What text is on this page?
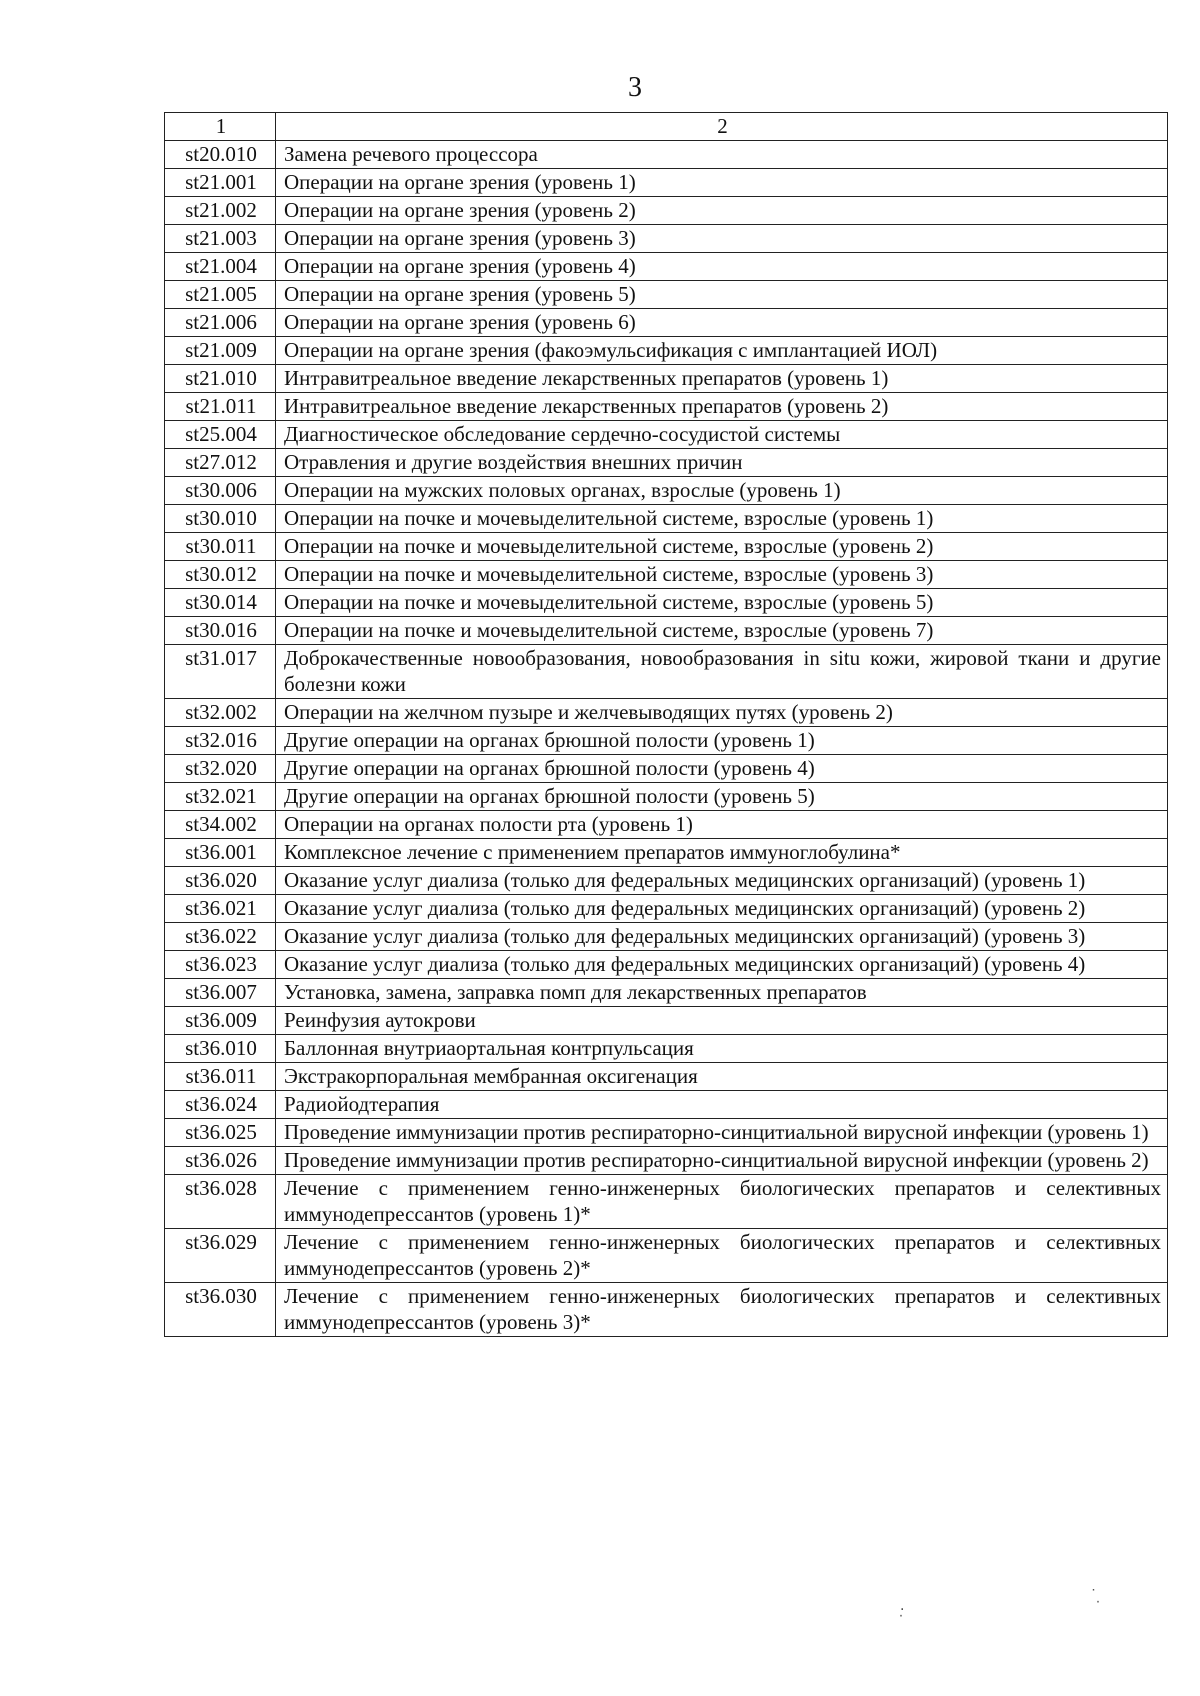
3
1	2
st20.010	Замена речевого процессора
st21.001	Операции на органе зрения (уровень 1)
st21.002	Операции на органе зрения (уровень 2)
st21.003	Операции на органе зрения (уровень 3)
st21.004	Операции на органе зрения (уровень 4)
st21.005	Операции на органе зрения (уровень 5)
st21.006	Операции на органе зрения (уровень 6)
st21.009	Операции на органе зрения (факоэмульсификация с имплантацией ИОЛ)
st21.010	Интравитреальное введение лекарственных препаратов (уровень 1)
st21.011	Интравитреальное введение лекарственных препаратов (уровень 2)
st25.004	Диагностическое обследование сердечно-сосудистой системы
st27.012	Отравления и другие воздействия внешних причин
st30.006	Операции на мужских половых органах, взрослые (уровень 1)
st30.010	Операции на почке и мочевыделительной системе, взрослые (уровень 1)
st30.011	Операции на почке и мочевыделительной системе, взрослые (уровень 2)
st30.012	Операции на почке и мочевыделительной системе, взрослые (уровень 3)
st30.014	Операции на почке и мочевыделительной системе, взрослые (уровень 5)
st30.016	Операции на почке и мочевыделительной системе, взрослые (уровень 7)
st31.017	Доброкачественные новообразования, новообразования in situ кожи, жировой ткани и другие болезни кожи
st32.002	Операции на желчном пузыре и желчевыводящих путях (уровень 2)
st32.016	Другие операции на органах брюшной полости (уровень 1)
st32.020	Другие операции на органах брюшной полости (уровень 4)
st32.021	Другие операции на органах брюшной полости (уровень 5)
st34.002	Операции на органах полости рта (уровень 1)
st36.001	Комплексное лечение с применением препаратов иммуноглобулина*
st36.020	Оказание услуг диализа (только для федеральных медицинских организаций) (уровень 1)
st36.021	Оказание услуг диализа (только для федеральных медицинских организаций) (уровень 2)
st36.022	Оказание услуг диализа (только для федеральных медицинских организаций) (уровень 3)
st36.023	Оказание услуг диализа (только для федеральных медицинских организаций) (уровень 4)
st36.007	Установка, замена, заправка помп для лекарственных препаратов
st36.009	Реинфузия аутокрови
st36.010	Баллонная внутриаортальная контрпульсация
st36.011	Экстракорпоральная мембранная оксигенация
st36.024	Радиойодтерапия
st36.025	Проведение иммунизации против респираторно-синцитиальной вирусной инфекции (уровень 1)
st36.026	Проведение иммунизации против респираторно-синцитиальной вирусной инфекции (уровень 2)
st36.028	Лечение с применением генно-инженерных биологических препаратов и селективных иммунодепрессантов (уровень 1)*
st36.029	Лечение с применением генно-инженерных биологических препаратов и селективных иммунодепрессантов (уровень 2)*
st36.030	Лечение с применением генно-инженерных биологических препаратов и селективных иммунодепрессантов (уровень 3)*
·̣
˙ ̣
